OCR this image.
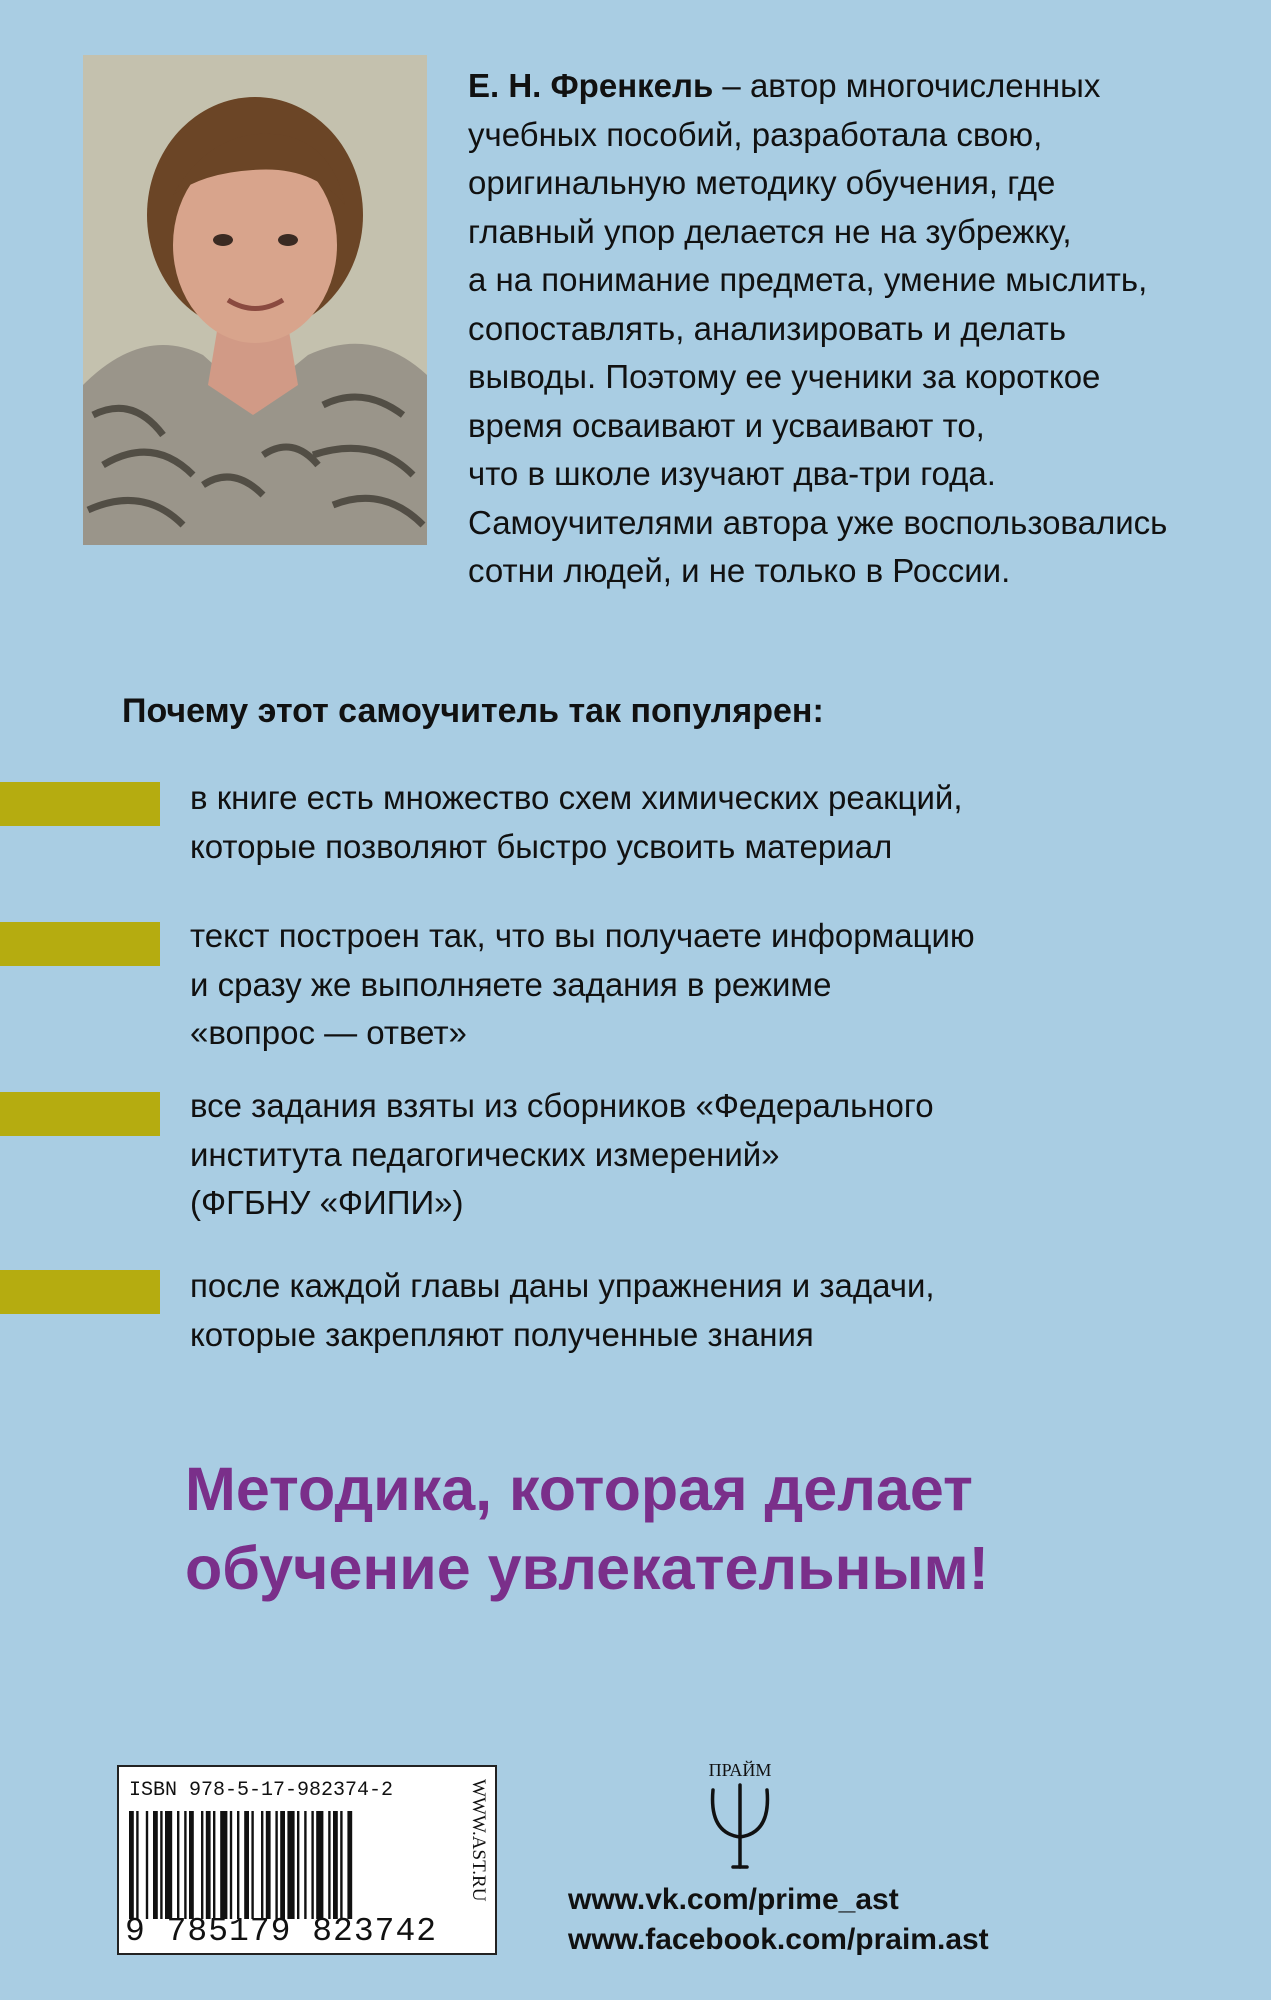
Е. Н. Френкель – автор многочисленных
учебных пособий, разработала свою,
оригинальную методику обучения, где
главный упор делается не на зубрежку,
а на понимание предмета, умение мыслить,
сопоставлять, анализировать и делать
выводы. Поэтому ее ученики за короткое
время осваивают и усваивают то,
что в школе изучают два-три года.
Самоучителями автора уже воспользовались
сотни людей, и не только в России.
Почему этот самоучитель так популярен:
в книге есть множество схем химических реакций,
которые позволяют быстро усвоить материал
текст построен так, что вы получаете информацию
и сразу же выполняете задания в режиме
«вопрос — ответ»
все задания взяты из сборников «Федерального
института педагогических измерений»
(ФГБНУ «ФИПИ»)
после каждой главы даны упражнения и задачи,
которые закрепляют полученные знания
Методика, которая делает
обучение увлекательным!
ISBN 978-5-17-982374-2
9 785179 823742
WWW.AST.RU
ПРАЙМ
www.vk.com/prime_ast
www.facebook.com/praim.ast
